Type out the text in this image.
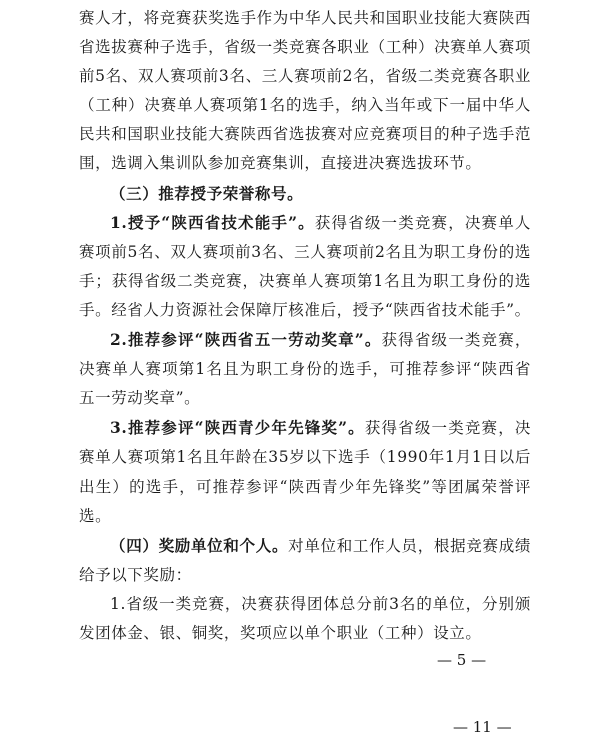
赛人才，将竞赛获奖选手作为中华人民共和国职业技能大赛陕西省选拔赛种子选手，省级一类竞赛各职业（工种）决赛单人赛项前5名、双人赛项前3名、三人赛项前2名，省级二类竞赛各职业（工种）决赛单人赛项第1名的选手，纳入当年或下一届中华人民共和国职业技能大赛陕西省选拔赛对应竞赛项目的种子选手范围，选调入集训队参加竞赛集训，直接进决赛选拔环节。

（三）推荐授予荣誉称号。

1.授予“陕西省技术能手”。获得省级一类竞赛，决赛单人赛项前5名、双人赛项前3名、三人赛项前2名且为职工身份的选手；获得省级二类竞赛，决赛单人赛项第1名且为职工身份的选手。经省人力资源社会保障厅核准后，授予“陕西省技术能手”。

2.推荐参评“陕西省五一劳动奖章”。获得省级一类竞赛，决赛单人赛项第1名且为职工身份的选手，可推荐参评“陕西省五一劳动奖章”。

3.推荐参评“陕西青少年先锋奖”。获得省级一类竞赛，决赛单人赛项第1名且年龄在35岁以下选手（1990年1月1日以后出生）的选手，可推荐参评“陕西青少年先锋奖”等团属荣誉评选。

（四）奖励单位和个人。对单位和工作人员，根据竞赛成绩给予以下奖励：

1.省级一类竞赛，决赛获得团体总分前3名的单位，分别颁发团体金、银、铜奖，奖项应以单个职业（工种）设立。

— 5 —
— 11 —
